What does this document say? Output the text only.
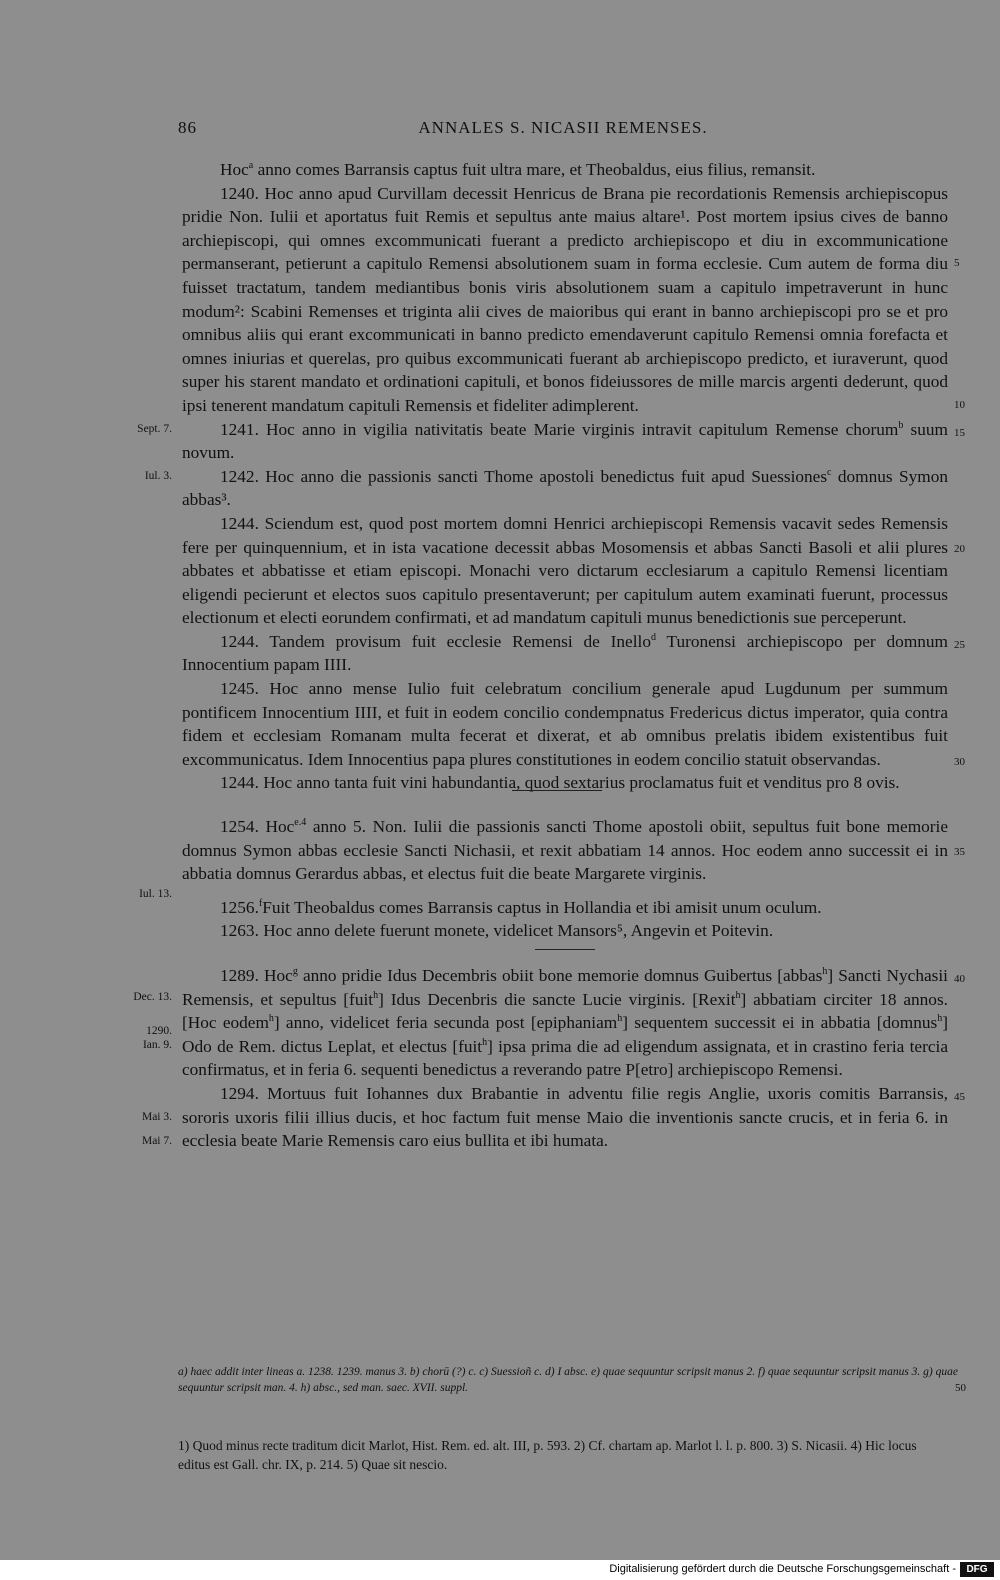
86	ANNALES S. NICASII REMENSES.

Hoc$^a$ anno comes Barransis captus fuit ultra mare, et Theobaldus, eius filius, remansit.

5
10

1240. Hoc anno apud Curvillam decessit Henricus de Brana pie recordationis Remensis archiepiscopus pridie Non. Iulii et aportatus fuit Remis et sepultus ante maius altare¹. Post mortem ipsius cives de banno archiepiscopi, qui omnes excommunicati fuerant a predicto archiepiscopo et diu in excommunicatione permanserant, petierunt a capitulo Remensi absolutionem suam in forma ecclesie. Cum autem de forma diu fuisset tractatum, tandem mediantibus bonis viris absolutionem suam a capitulo impetraverunt in hunc modum²: Scabini Remenses et triginta alii cives de maioribus qui erant in banno archiepiscopi pro se et pro omnibus aliis qui erant excommunicati in banno predicto emendaverunt capitulo Remensi omnia forefacta et omnes iniurias et querelas, pro quibus excommunicati fuerant ab archiepiscopo predicto, et iuraverunt, quod super his starent mandato et ordinationi capituli, et bonos fideiussores de mille marcis argenti dederunt, quod ipsi tenerent mandatum capituli Remensis et fideliter adimplerent.

Sept. 7.	15

1241. Hoc anno in vigilia nativitatis beate Marie virginis intravit capitulum Remense chorum$^b$ suum novum.

Iul. 3.	1242. Hoc anno die passionis sancti Thome apostoli benedictus fuit apud Suessiones$^c$ domnus Symon abbas³.

20

1244. Sciendum est, quod post mortem domni Henrici archiepiscopi Remensis vacavit sedes Remensis fere per quinquennium, et in ista vacatione decessit abbas Mosomensis et abbas Sancti Basoli et alii plures abbates et abbatisse et etiam episcopi. Monachi vero dictarum ecclesiarum a capitulo Remensi licentiam eligendi pecierunt et electos suos capitulo presentaverunt; per capitulum autem examinati fuerunt, processus electionum et electi eorundem confirmati, et ad mandatum capituli munus benedictionis sue perceperunt.

25

1244. Tandem provisum fuit ecclesie Remensi de Inello$^d$ Turonensi archiepiscopo per domnum Innocentium papam IIII.

30

1245. Hoc anno mense Iulio fuit celebratum concilium generale apud Lugdunum per summum pontificem Innocentium IIII, et fuit in eodem concilio condempnatus Fredericus dictus imperator, quia contra fidem et ecclesiam Romanam multa fecerat et dixerat, et ab omnibus prelatis ibidem existentibus fuit excommunicatus. Idem Innocentius papa plures constitutiones in eodem concilio statuit observandas.

1244. Hoc anno tanta fuit vini habundantia, quod sextarius proclamatus fuit et venditus pro 8 ovis.

Iul. 13.
35

1254. Hoc$^{e.4}$ anno 5. Non. Iulii die passionis sancti Thome apostoli obiit, sepultus fuit bone memorie domnus Symon abbas ecclesie Sancti Nichasii, et rexit abbatiam 14 annos. Hoc eodem anno successit ei in abbatia domnus Gerardus abbas, et electus fuit die beate Margarete virginis.

1256.$^f$Fuit Theobaldus comes Barransis captus in Hollandia et ibi amisit unum oculum.

1263. Hoc anno delete fuerunt monete, videlicet Mansors⁵, Angevin et Poitevin.

Dec. 13.
1290.
Ian. 9.
40
45

1289. Hoc$^g$ anno pridie Idus Decembris obiit bone memorie domnus Guibertus [abbas$^h$] Sancti Nychasii Remensis, et sepultus [fuit$^h$] Idus Decenbris die sancte Lucie virginis. [Rexit$^h$] abbatiam circiter 18 annos. [Hoc eodem$^h$] anno, videlicet feria secunda post [epiphaniam$^h$] sequentem successit ei in abbatia [domnus$^h$] Odo de Rem. dictus Leplat, et electus [fuit$^h$] ipsa prima die ad eligendum assignata, et in crastino feria tercia confirmatus, et in feria 6. sequenti benedictus a reverando patre P[etro] archiepiscopo Remensi.

Mai 3.
Mai 7.

1294. Mortuus fuit Iohannes dux Brabantie in adventu filie regis Anglie, uxoris comitis Barransis, sororis uxoris filii illius ducis, et hoc factum fuit mense Maio die inventionis sancte crucis, et in feria 6. in ecclesia beate Marie Remensis caro eius bullita et ibi humata.

a) haec addit inter lineas a. 1238. 1239. manus 3. b) chorū (?) c. c) Suessioñ c. d) I absc. e) quae sequuntur scripsit manus 2. f) quae sequuntur scripsit manus 3. g) quae sequuntur scripsit man. 4. h) absc., sed man. saec. XVII. suppl.	50
1) Quod minus recte traditum dicit Marlot, Hist. Rem. ed. alt. III, p. 593. 2) Cf. chartam ap. Marlot l. l. p. 800. 3) S. Nicasii. 4) Hic locus editus est Gall. chr. IX, p. 214. 5) Quae sit nescio.
Digitalisierung gefördert durch die Deutsche Forschungsgemeinschaft -	DFG
